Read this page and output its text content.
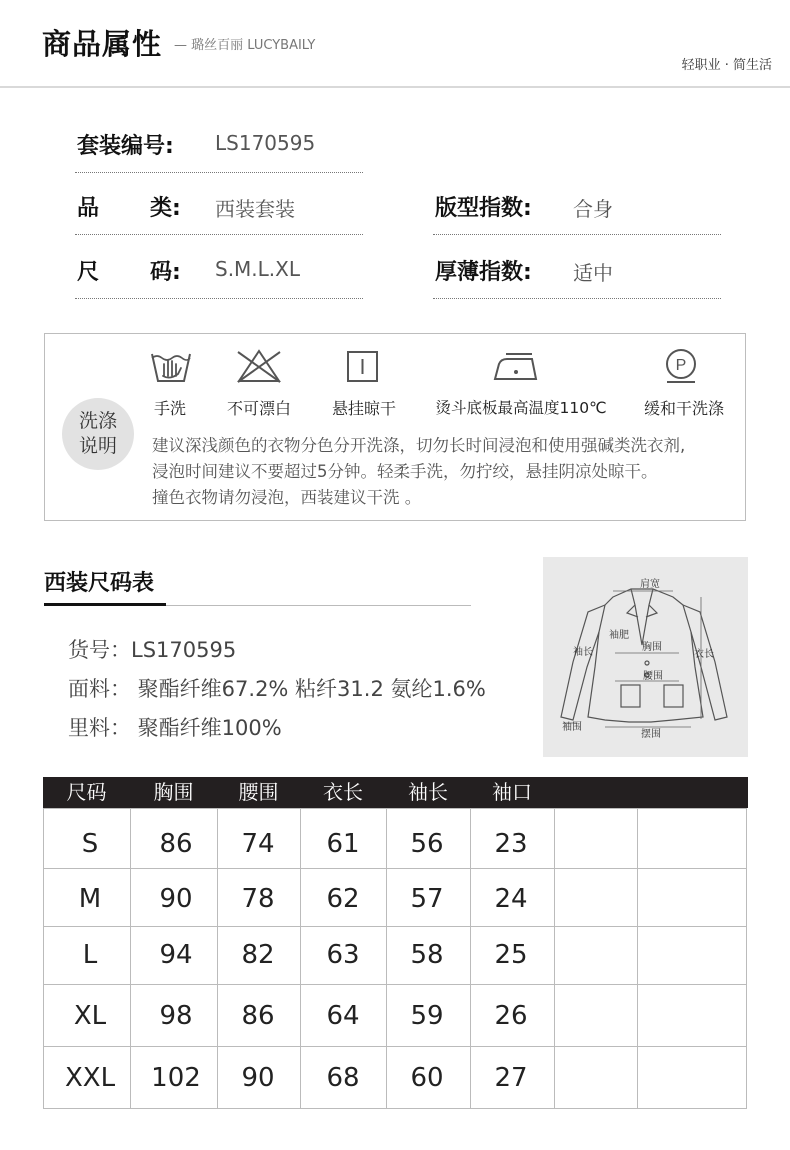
商品属性 — 璐丝百丽 LUCYBAILY
轻职业 · 简生活
套装编号: LS170595
品 类: 西装套装	版型指数: 合身
尺 码: S.M.L.XL	厚薄指数: 适中
洗涤
说明
P
手洗	不可漂白	悬挂晾干	烫斗底板最高温度110℃ 缓和干洗涤
建议深浅颜色的衣物分色分开洗涤，切勿长时间浸泡和使用强碱类洗衣剂,
浸泡时间建议不要超过5分钟。轻柔手洗，勿拧绞，悬挂阴凉处晾干。
撞色衣物请勿浸泡，西装建议干洗 。
西装尺码表
货号：LS170595
面料： 聚酯纤维67.2% 粘纤31.2 氨纶1.6%
里料： 聚酯纤维100%
肩宽
袖肥
胸围
袖长	衣长
腰围
袖围
摆围
尺码	胸围	腰围	衣长	袖长	袖口
S 86 74 61 56 23
M 90 78 62 57 24
L 94 82 63 58 25
XL 98 86 64 59 26
XXL 102 90 68 60 27
